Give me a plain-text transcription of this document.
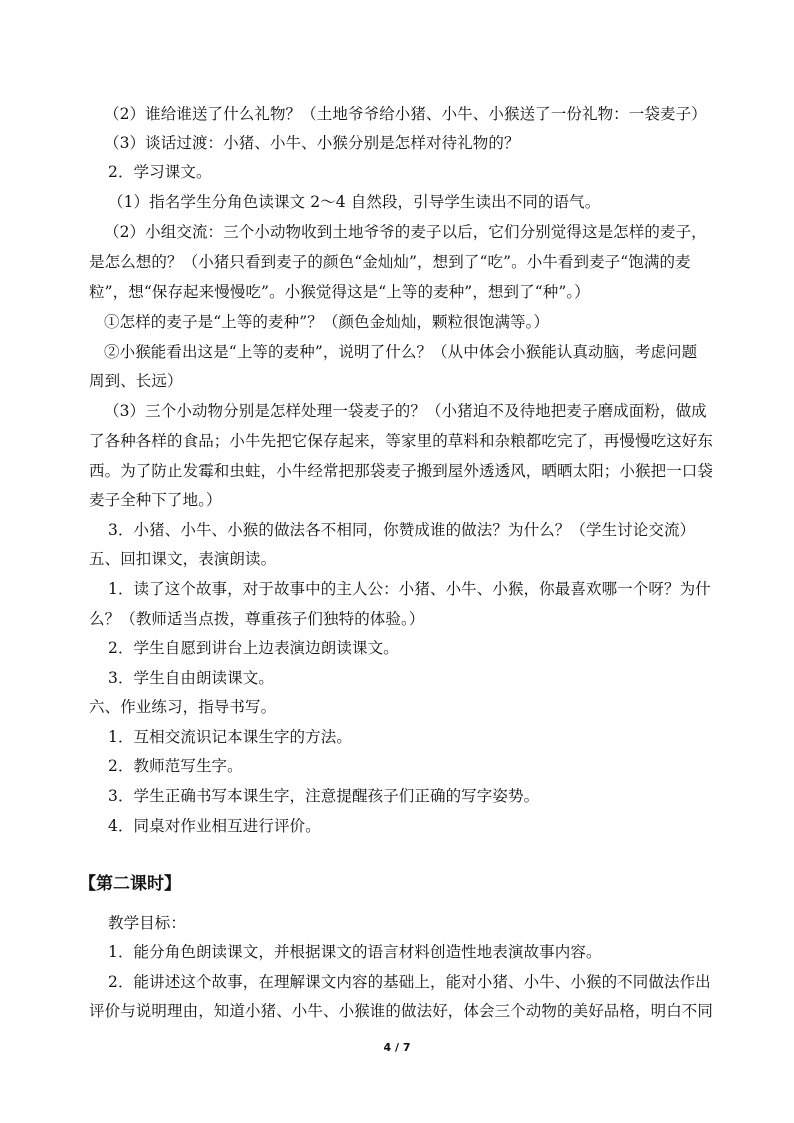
（2）谁给谁送了什么礼物？（土地爷爷给小猪、小牛、小猴送了一份礼物：一袋麦子）
（3）谈话过渡：小猪、小牛、小猴分别是怎样对待礼物的？
2．学习课文。
（1）指名学生分角色读课文 2～4 自然段，引导学生读出不同的语气。
（2）小组交流：三个小动物收到土地爷爷的麦子以后，它们分别觉得这是怎样的麦子，
是怎么想的？（小猪只看到麦子的颜色“金灿灿”，想到了“吃”。小牛看到麦子“饱满的麦
粒”，想“保存起来慢慢吃”。小猴觉得这是“上等的麦种”，想到了“种”。）
①怎样的麦子是“上等的麦种”？（颜色金灿灿，颗粒很饱满等。）
②小猴能看出这是“上等的麦种”，说明了什么？（从中体会小猴能认真动脑，考虑问题
周到、长远）
（3）三个小动物分别是怎样处理一袋麦子的？（小猪迫不及待地把麦子磨成面粉，做成
了各种各样的食品；小牛先把它保存起来，等家里的草料和杂粮都吃完了，再慢慢吃这好东
西。为了防止发霉和虫蛀，小牛经常把那袋麦子搬到屋外透透风，晒晒太阳；小猴把一口袋
麦子全种下了地。）
3．小猪、小牛、小猴的做法各不相同，你赞成谁的做法？为什么？（学生讨论交流）
五、回扣课文，表演朗读。
1．读了这个故事，对于故事中的主人公：小猪、小牛、小猴，你最喜欢哪一个呀？为什
么？（教师适当点拨，尊重孩子们独特的体验。）
2．学生自愿到讲台上边表演边朗读课文。
3．学生自由朗读课文。
六、作业练习，指导书写。
1．互相交流识记本课生字的方法。
2．教师范写生字。
3．学生正确书写本课生字，注意提醒孩子们正确的写字姿势。
4．同桌对作业相互进行评价。
【第二课时】
教学目标：
1．能分角色朗读课文，并根据课文的语言材料创造性地表演故事内容。
2．能讲述这个故事，在理解课文内容的基础上，能对小猪、小牛、小猴的不同做法作出
评价与说明理由，知道小猪、小牛、小猴谁的做法好，体会三个动物的美好品格，明白不同
4 / 7
